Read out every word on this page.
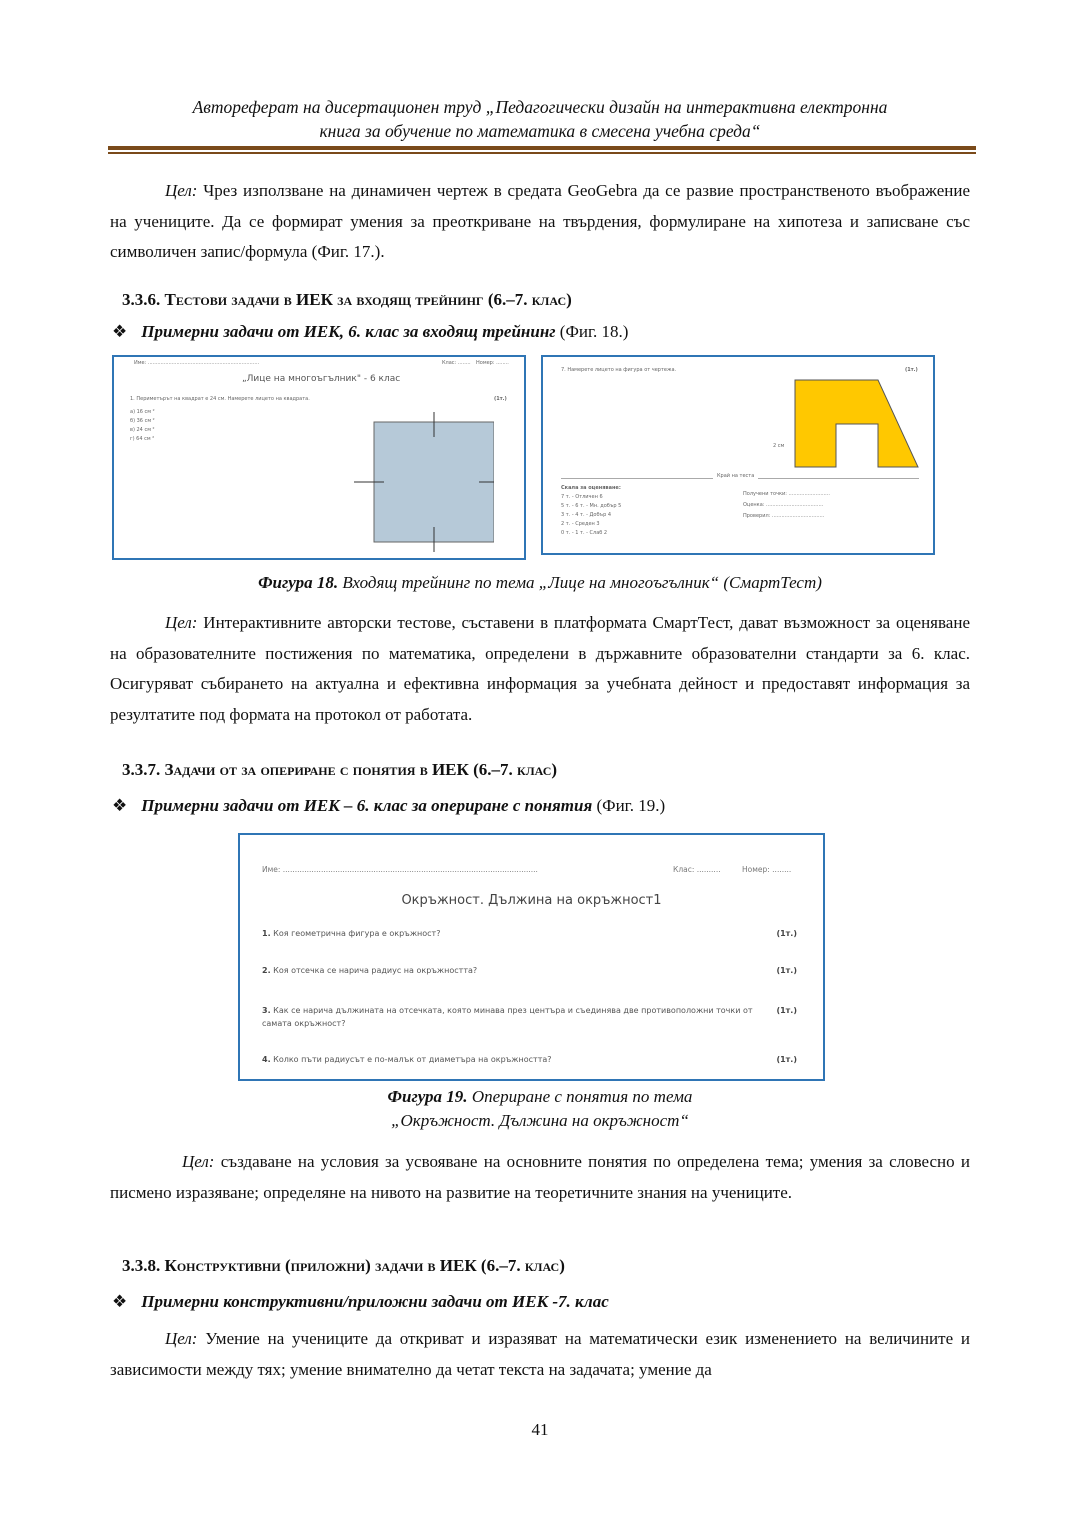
Автореферат на дисертационен труд „Педагогически дизайн на интерактивна електронна
книга за обучение по математика в смесена учебна среда“

Цел: Чрез използване на динамичен чертеж в средата GeoGebra да се развие пространственото въображение на учениците. Да се формират умения за преоткриване на твърдения, формулиране на хипотеза и записване със символичен запис/формула (Фиг. 17.).

3.3.6. Тестови задачи в ИЕК за входящ трейнинг (6.–7. клас)
❖ Примерни задачи от ИЕК, 6. клас за входящ трейнинг (Фиг. 18.)
Име: ......................................................................	Клас: ........ Номер: ........
„Лице на многоъгълник" - 6 клас
1. Периметърът на квадрат е 24 см. Намерете лицето на квадрата.	(1т.)
а) 16 см ²
б) 36 см ²
в) 24 см ²
г) 64 см ²
7. Намерете лицето на фигура от чертежа.	(1т.)
2 см
Край на теста
Скала за оценяване:
7 т. - Отличен 6
5 т. - 6 т. - Мн. добър 5
3 т. - 4 т. - Добър 4
2 т. - Среден 3
0 т. - 1 т. - Слаб 2
Получени точки: ..........................
Оценка: ....................................
Проверил: .................................
Фигура 18. Входящ трейнинг по тема „Лице на многоъгълник“ (СмартТест)

Цел: Интерактивните авторски тестове, съставени в платформата СмартТест, дават възможност за оценяване на образователните постижения по математика, определени в държавните образователни стандарти за 6. клас. Осигуряват събирането на актуална и ефективна информация за учебната дейност и предоставят информация за резултатите под формата на протокол от работата.

3.3.7. Задачи от за опериранe с понятия в ИЕК (6.–7. клас)
❖ Примерни задачи от ИЕК – 6. клас за опериране с понятия (Фиг. 19.)
Име: ...........................................................................................................	Клас: ..........	Номер: ........
Окръжност. Дължина на окръжност1
1. Коя геометрична фигура е окръжност?	(1т.)
2. Коя отсечка се нарича радиус на окръжността?	(1т.)
3. Как се нарича дължината на отсечката, която минава през центъра и съединява две противоположни точки от самата окръжност?
(1т.)
4. Колко пъти радиусът е по-малък от диаметъра на окръжността?	(1т.)
Фигура 19. Опериране с понятия по тема
„Окръжност. Дължина на окръжност“

Цел: създаване на условия за усвояване на основните понятия по определена тема; умения за словесно и писмено изразяване; определяне на нивото на развитие на теоретичните знания на учениците.

3.3.8. Конструктивни (приложни) задачи в ИЕК (6.–7. клас)
❖ Примерни конструктивни/приложни задачи от ИЕК -7. клас

Цел: Умение на учениците да откриват и изразяват на математически език изменението на величините и зависимости между тях; умение внимателно да четат текста на задачата; умение да

41
